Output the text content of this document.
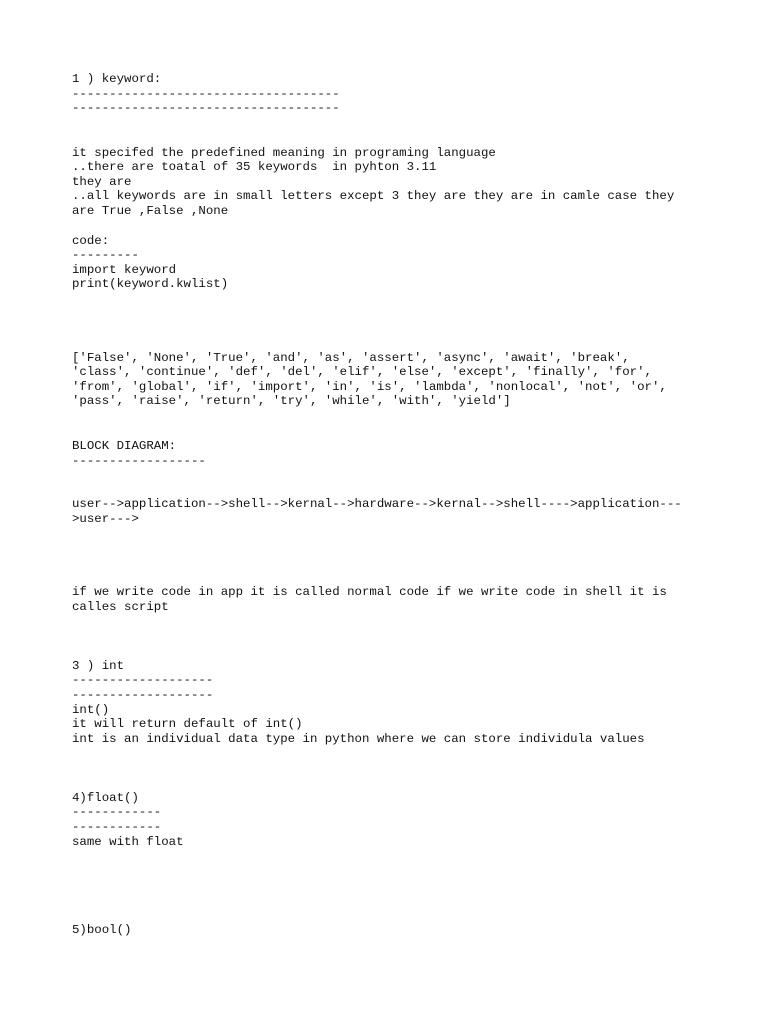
1 ) keyword:
------------------------------------
------------------------------------
it specifed the predefined meaning in programing language
..there are toatal of 35 keywords  in pyhton 3.11
they are
..all keywords are in small letters except 3 they are they are in camle case they
are True ,False ,None
code:
---------
import keyword
print(keyword.kwlist)
['False', 'None', 'True', 'and', 'as', 'assert', 'async', 'await', 'break',
'class', 'continue', 'def', 'del', 'elif', 'else', 'except', 'finally', 'for',
'from', 'global', 'if', 'import', 'in', 'is', 'lambda', 'nonlocal', 'not', 'or',
'pass', 'raise', 'return', 'try', 'while', 'with', 'yield']
BLOCK DIAGRAM:
------------------
user-->application-->shell-->kernal-->hardware-->kernal-->shell---->application---
>user--->
if we write code in app it is called normal code if we write code in shell it is
calles script
3 ) int
-------------------
-------------------
int()
it will return default of int()
int is an individual data type in python where we can store individula values
4)float()
------------
------------
same with float
5)bool()
